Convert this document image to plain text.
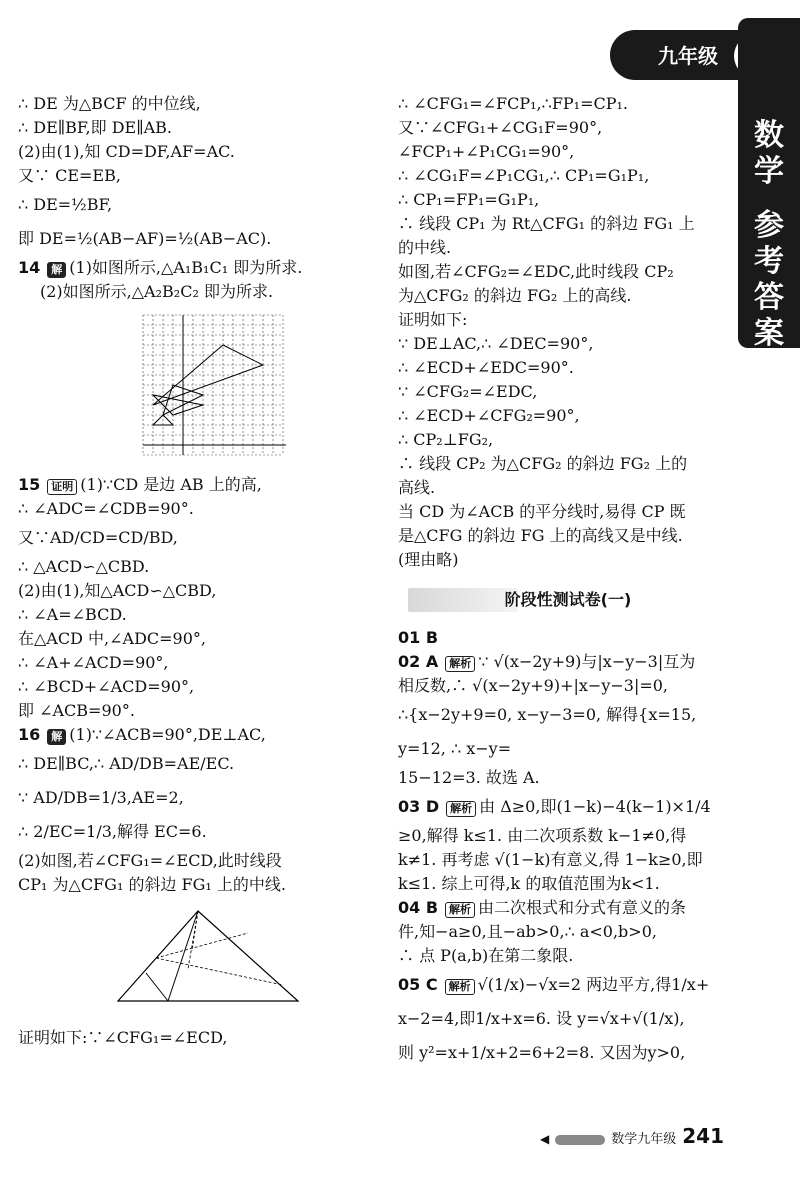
九年级
数学
参考答案
∴ DE 为△BCF 的中位线,
∴ DE∥BF,即 DE∥AB.
(2)由(1),知 CD=DF,AF=AC.
又∵ CE=EB,
∴ DE=½BF,
即 DE=½(AB−AF)=½(AB−AC).
14 解 (1)如图所示,△A₁B₁C₁ 即为所求.
(2)如图所示,△A₂B₂C₂ 即为所求.
15 证明 (1)∵CD 是边 AB 上的高,
∴ ∠ADC=∠CDB=90°.
又∵AD/CD=CD/BD,
∴ △ACD∽△CBD.
(2)由(1),知△ACD∽△CBD,
∴ ∠A=∠BCD.
在△ACD 中,∠ADC=90°,
∴ ∠A+∠ACD=90°,
∴ ∠BCD+∠ACD=90°,
即 ∠ACB=90°.
16 解 (1)∵∠ACB=90°,DE⊥AC,
∴ DE∥BC,∴ AD/DB=AE/EC.
∵ AD/DB=1/3,AE=2,
∴ 2/EC=1/3,解得 EC=6.
(2)如图,若∠CFG₁=∠ECD,此时线段
CP₁ 为△CFG₁ 的斜边 FG₁ 上的中线.
证明如下:∵∠CFG₁=∠ECD,
∴ ∠CFG₁=∠FCP₁,∴FP₁=CP₁.
又∵∠CFG₁+∠CG₁F=90°,
∠FCP₁+∠P₁CG₁=90°,
∴ ∠CG₁F=∠P₁CG₁,∴ CP₁=G₁P₁,
∴ CP₁=FP₁=G₁P₁,
∴ 线段 CP₁ 为 Rt△CFG₁ 的斜边 FG₁ 上
的中线.
如图,若∠CFG₂=∠EDC,此时线段 CP₂
为△CFG₂ 的斜边 FG₂ 上的高线.
证明如下:
∵ DE⊥AC,∴ ∠DEC=90°,
∴ ∠ECD+∠EDC=90°.
∵ ∠CFG₂=∠EDC,
∴ ∠ECD+∠CFG₂=90°,
∴ CP₂⊥FG₂,
∴ 线段 CP₂ 为△CFG₂ 的斜边 FG₂ 上的
高线.
当 CD 为∠ACB 的平分线时,易得 CP 既
是△CFG 的斜边 FG 上的高线又是中线.
(理由略)
阶段性测试卷(一)
01 B
02 A 解析 ∵ √(x−2y+9)与|x−y−3|互为
相反数,∴ √(x−2y+9)+|x−y−3|=0,
∴{x−2y+9=0, x−y−3=0, 解得{x=15, y=12, ∴ x−y=
15−12=3. 故选 A.
03 D 解析 由 Δ≥0,即(1−k)−4(k−1)×1/4
≥0,解得 k≤1. 由二次项系数 k−1≠0,得
k≠1. 再考虑 √(1−k)有意义,得 1−k≥0,即
k≤1. 综上可得,k 的取值范围为k<1.
04 B 解析 由二次根式和分式有意义的条
件,知−a≥0,且−ab>0,∴ a<0,b>0,
∴ 点 P(a,b)在第二象限.
05 C 解析 √(1/x)−√x=2 两边平方,得1/x+
x−2=4,即1/x+x=6. 设 y=√x+√(1/x),
则 y²=x+1/x+2=6+2=8. 又因为y>0,
◀	数学九年级 241
